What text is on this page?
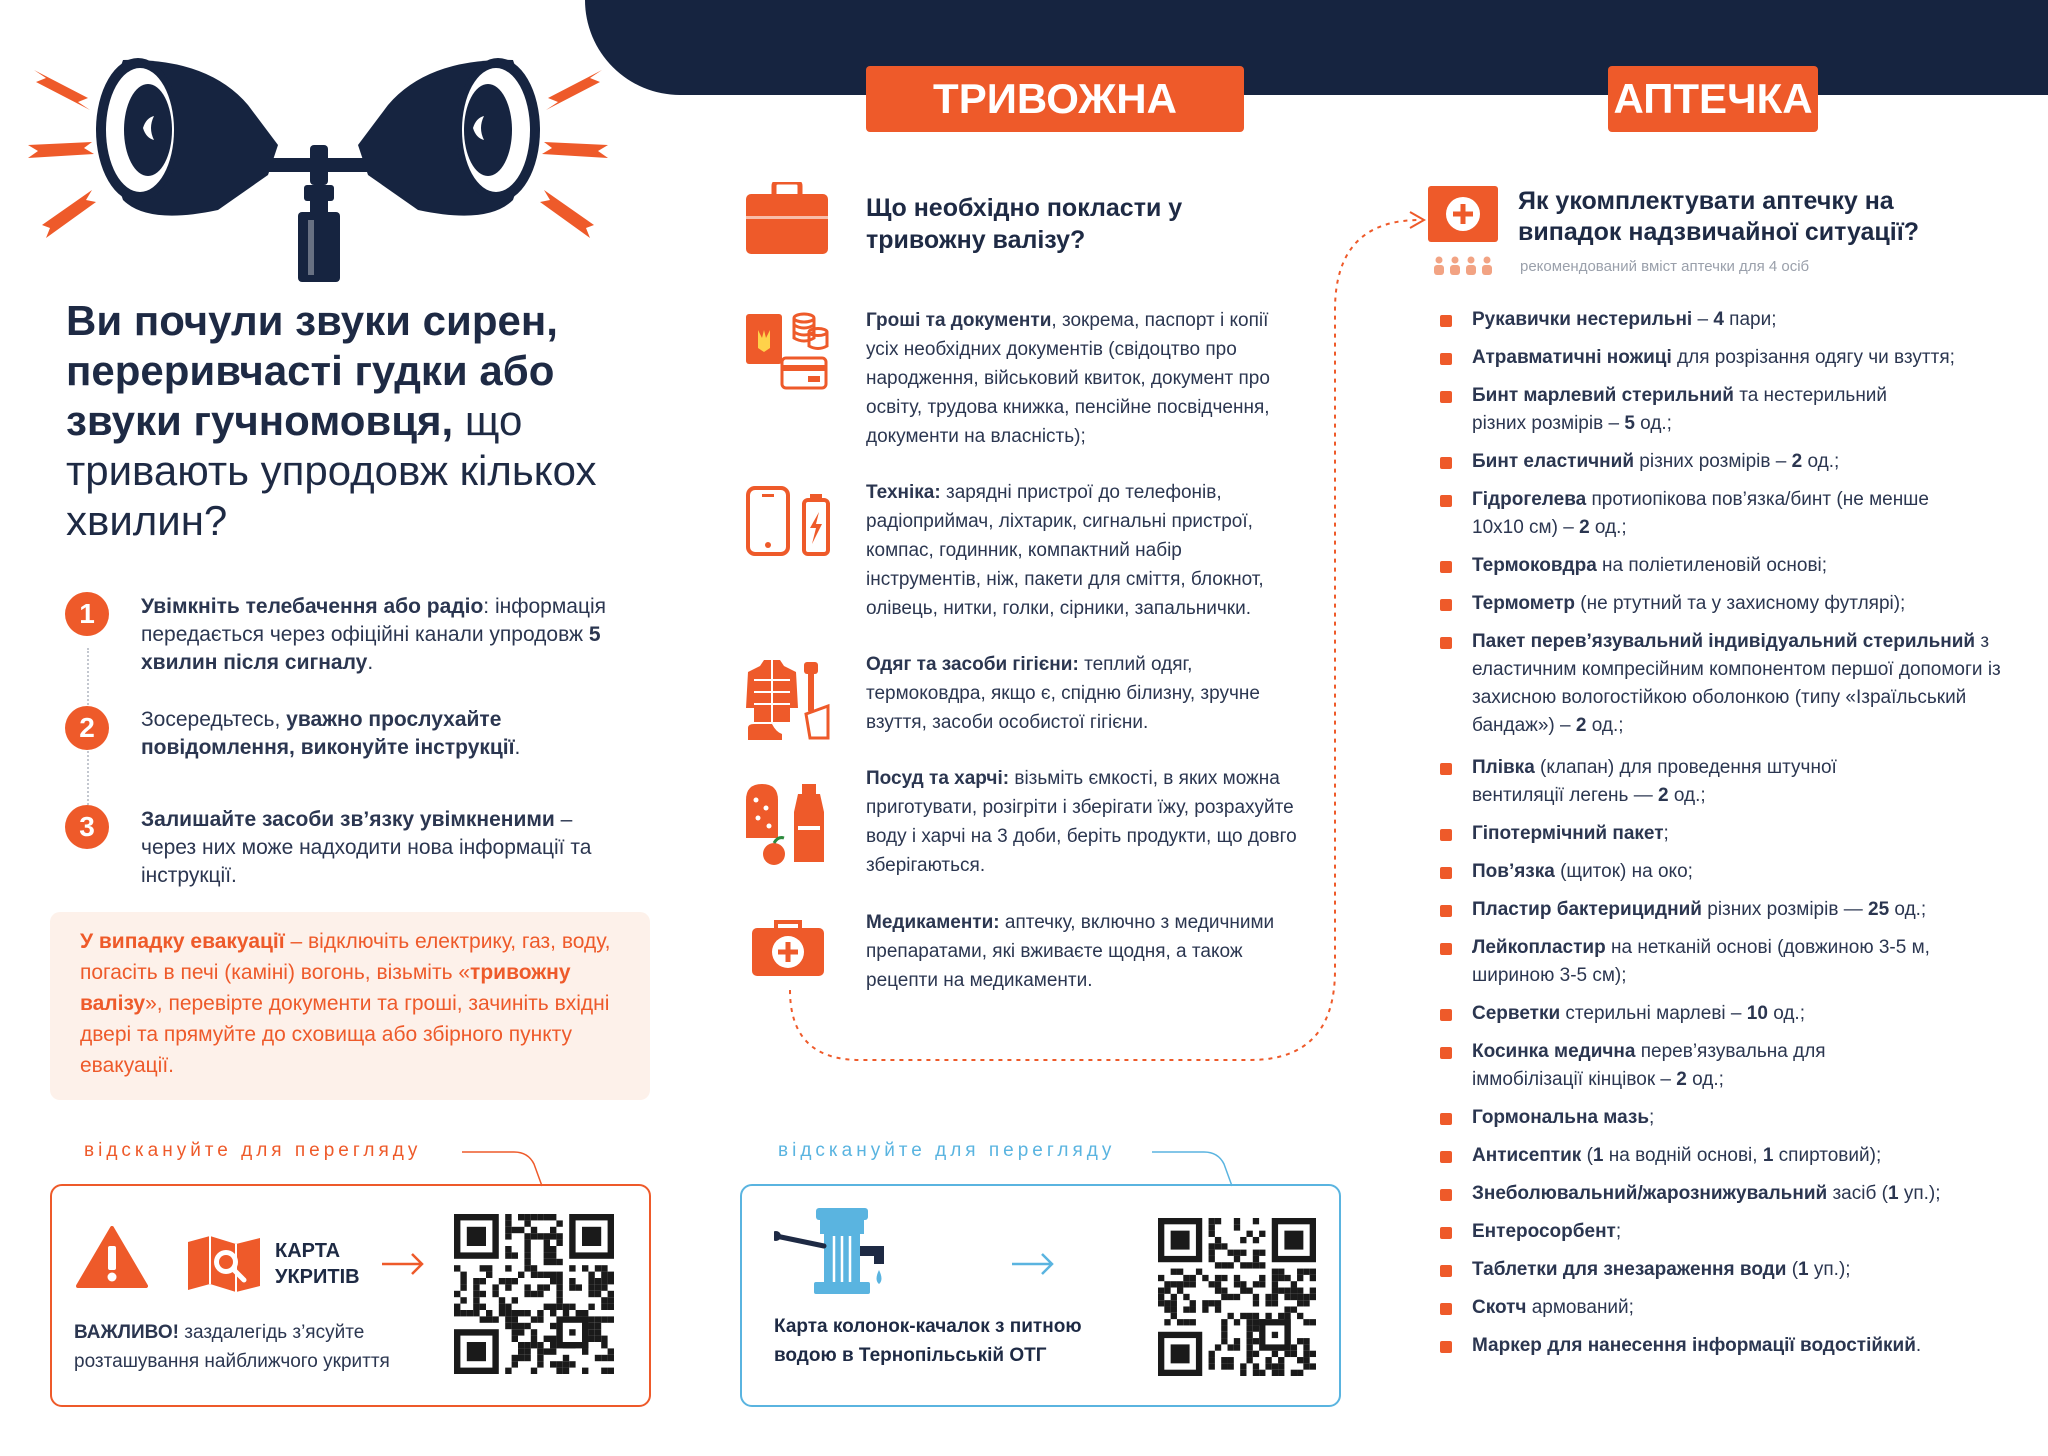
Ви почули звуки сирен, переривчасті гудки або звуки гучномовця, що тривають упродовж кількох хвилин?
1	Увімкніть телебачення або радіо: інформація передається через офіційні канали упродовж 5 хвилин після сигналу.
2	Зосередьтесь, уважно прослухайте повідомлення, виконуйте інструкції.
3	Залишайте засоби зв’язку увімкненими – через них може надходити нова інформації та інструкції.
У випадку евакуації – відключіть електрику, газ, воду, погасіть в печі (каміні) вогонь, візьміть «тривожну валізу», перевірте документи та гроші, зачиніть вхідні двері та прямуйте до сховища або збірного пункту евакуації.
відскануйте для перегляду
КАРТА
УКРИТІВ
ВАЖЛИВО! заздалегідь з’ясуйте розташування найближчого укриття
ТРИВОЖНА ВАЛІЗА
Що необхідно покласти у тривожну валізу?
Гроші та документи, зокрема, паспорт і копії усіх необхідних документів (свідоцтво про народження, військовий квиток, документ про освіту, трудова книжка, пенсійне посвідчення, документи на власність);
Техніка: зарядні пристрої до телефонів, радіоприймач, ліхтарик, сигнальні пристрої, компас, годинник, компактний набір інструментів, ніж, пакети для сміття, блокнот, олівець, нитки, голки, сірники, запальнички.
Одяг та засоби гігієни: теплий одяг, термоковдра, якщо є, спідню білизну, зручне взуття, засоби особистої гігієни.
Посуд та харчі: візьміть ємкості, в яких можна приготувати, розігріти і зберігати їжу, розрахуйте воду і харчі на 3 доби, беріть продукти, що довго зберігаються.
Медикаменти: аптечку, включно з медичними препаратами, які вживаєте щодня, а також рецепти на медикаменти.
відскануйте для перегляду
Карта колонок-качалок з питною водою в Тернопільській ОТГ
АПТЕЧКА
Як укомплектувати аптечку на випадок надзвичайної ситуації?
рекомендований вміст аптечки для 4 осіб
Рукавички нестерильні – 4 пари;
Атравматичні ножиці для розрізання одягу чи взуття;
Бинт марлевий стерильний та нестерильний різних розмірів – 5 од.;
Бинт еластичний різних розмірів – 2 од.;
Гідрогелева протиопікова пов’язка/бинт (не менше 10х10 см) – 2 од.;
Термоковдра на поліетиленовій основі;
Термометр (не ртутний та у захисному футлярі);
Пакет перев’язувальний індивідуальний стерильний з еластичним компресійним компонентом першої допомоги із захисною вологостійкою оболонкою (типу «Ізраїльський бандаж») – 2 од.;
Плівка (клапан) для проведення штучної вентиляції легень — 2 од.;
Гіпотермічний пакет;
Пов’язка (щиток) на око;
Пластир бактерицидний різних розмірів — 25 од.;
Лейкопластир на нетканій основі (довжиною 3-5 м, шириною 3-5 см);
Серветки стерильні марлеві – 10 од.;
Косинка медична перев’язувальна для іммобілізації кінцівок – 2 од.;
Гормональна мазь;
Антисептик (1 на водній основі, 1 спиртовий);
Знеболювальний/жарознижувальний засіб (1 уп.);
Ентеросорбент;
Таблетки для знезараження води (1 уп.);
Скотч армований;
Маркер для нанесення інформації водостійкий.
